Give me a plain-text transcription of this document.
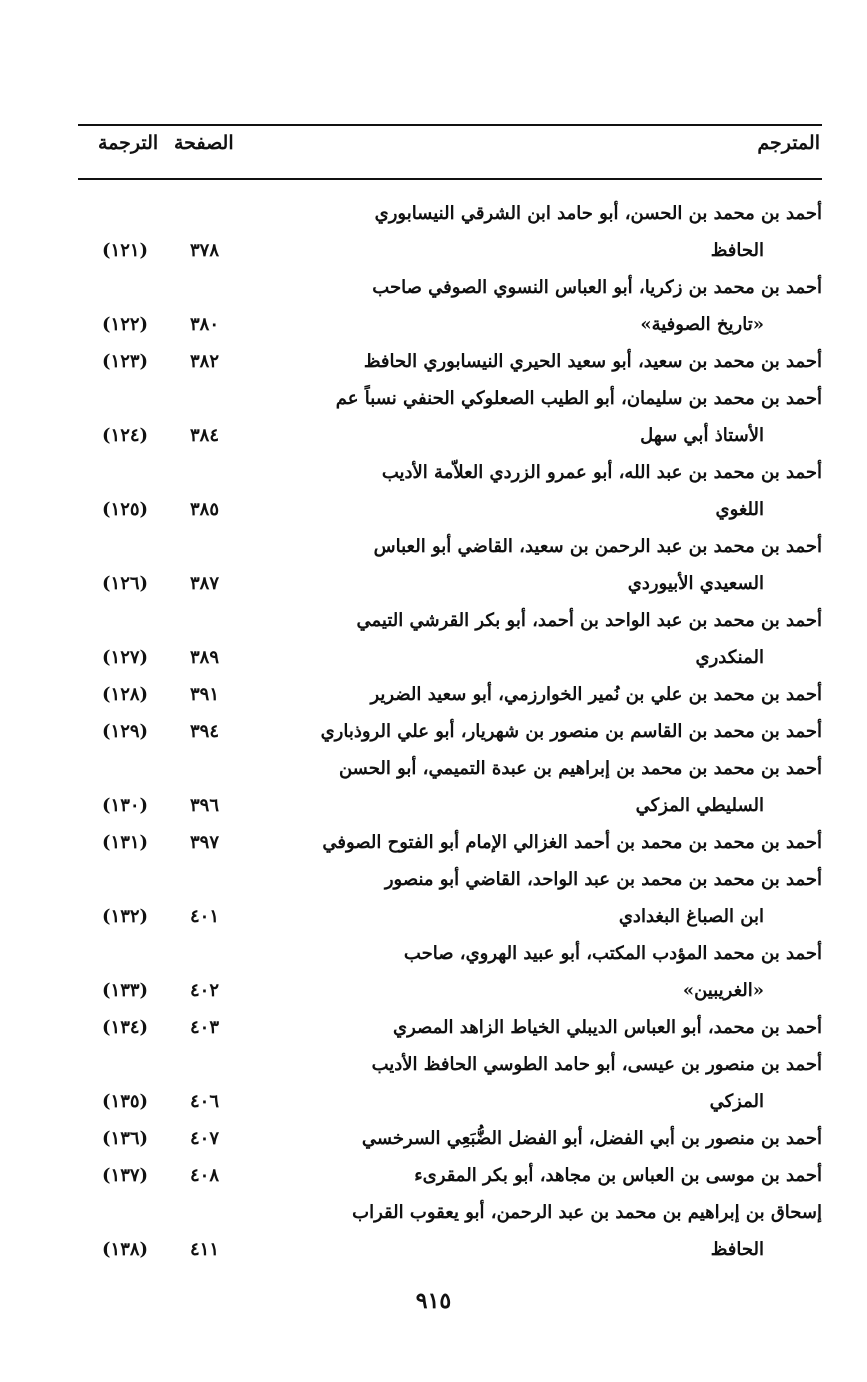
المترجم
الصفحة
الترجمة
أحمد بن محمد بن الحسن، أبو حامد ابن الشرقي النيسابوري
الحافظ
٣٧٨
(١٢١)
أحمد بن محمد بن زكريا، أبو العباس النسوي الصوفي صاحب
«تاريخ الصوفية»
٣٨٠
(١٢٢)
أحمد بن محمد بن سعيد، أبو سعيد الحيري النيسابوري الحافظ
٣٨٢
(١٢٣)
أحمد بن محمد بن سليمان، أبو الطيب الصعلوكي الحنفي نسباً عم
الأستاذ أبي سهل
٣٨٤
(١٢٤)
أحمد بن محمد بن عبد الله، أبو عمرو الزردي العلاّمة الأديب
اللغوي
٣٨٥
(١٢٥)
أحمد بن محمد بن عبد الرحمن بن سعيد، القاضي أبو العباس
السعيدي الأبيوردي
٣٨٧
(١٢٦)
أحمد بن محمد بن عبد الواحد بن أحمد، أبو بكر القرشي التيمي
المنكدري
٣٨٩
(١٢٧)
أحمد بن محمد بن علي بن نُمير الخوارزمي، أبو سعيد الضرير
٣٩١
(١٢٨)
أحمد بن محمد بن القاسم بن منصور بن شهريار، أبو علي الروذباري
٣٩٤
(١٢٩)
أحمد بن محمد بن محمد بن إبراهيم بن عبدة التميمي، أبو الحسن
السليطي المزكي
٣٩٦
(١٣٠)
أحمد بن محمد بن محمد بن أحمد الغزالي الإمام أبو الفتوح الصوفي
٣٩٧
(١٣١)
أحمد بن محمد بن محمد بن عبد الواحد، القاضي أبو منصور
ابن الصباغ البغدادي
٤٠١
(١٣٢)
أحمد بن محمد المؤدب المكتب، أبو عبيد الهروي، صاحب
«الغريبين»
٤٠٢
(١٣٣)
أحمد بن محمد، أبو العباس الديبلي الخياط الزاهد المصري
٤٠٣
(١٣٤)
أحمد بن منصور بن عيسى، أبو حامد الطوسي الحافظ الأديب
المزكي
٤٠٦
(١٣٥)
أحمد بن منصور بن أبي الفضل، أبو الفضل الضُّبَعِي السرخسي
٤٠٧
(١٣٦)
أحمد بن موسى بن العباس بن مجاهد، أبو بكر المقرىء
٤٠٨
(١٣٧)
إسحاق بن إبراهيم بن محمد بن عبد الرحمن، أبو يعقوب القراب
الحافظ
٤١١
(١٣٨)
٩١٥
